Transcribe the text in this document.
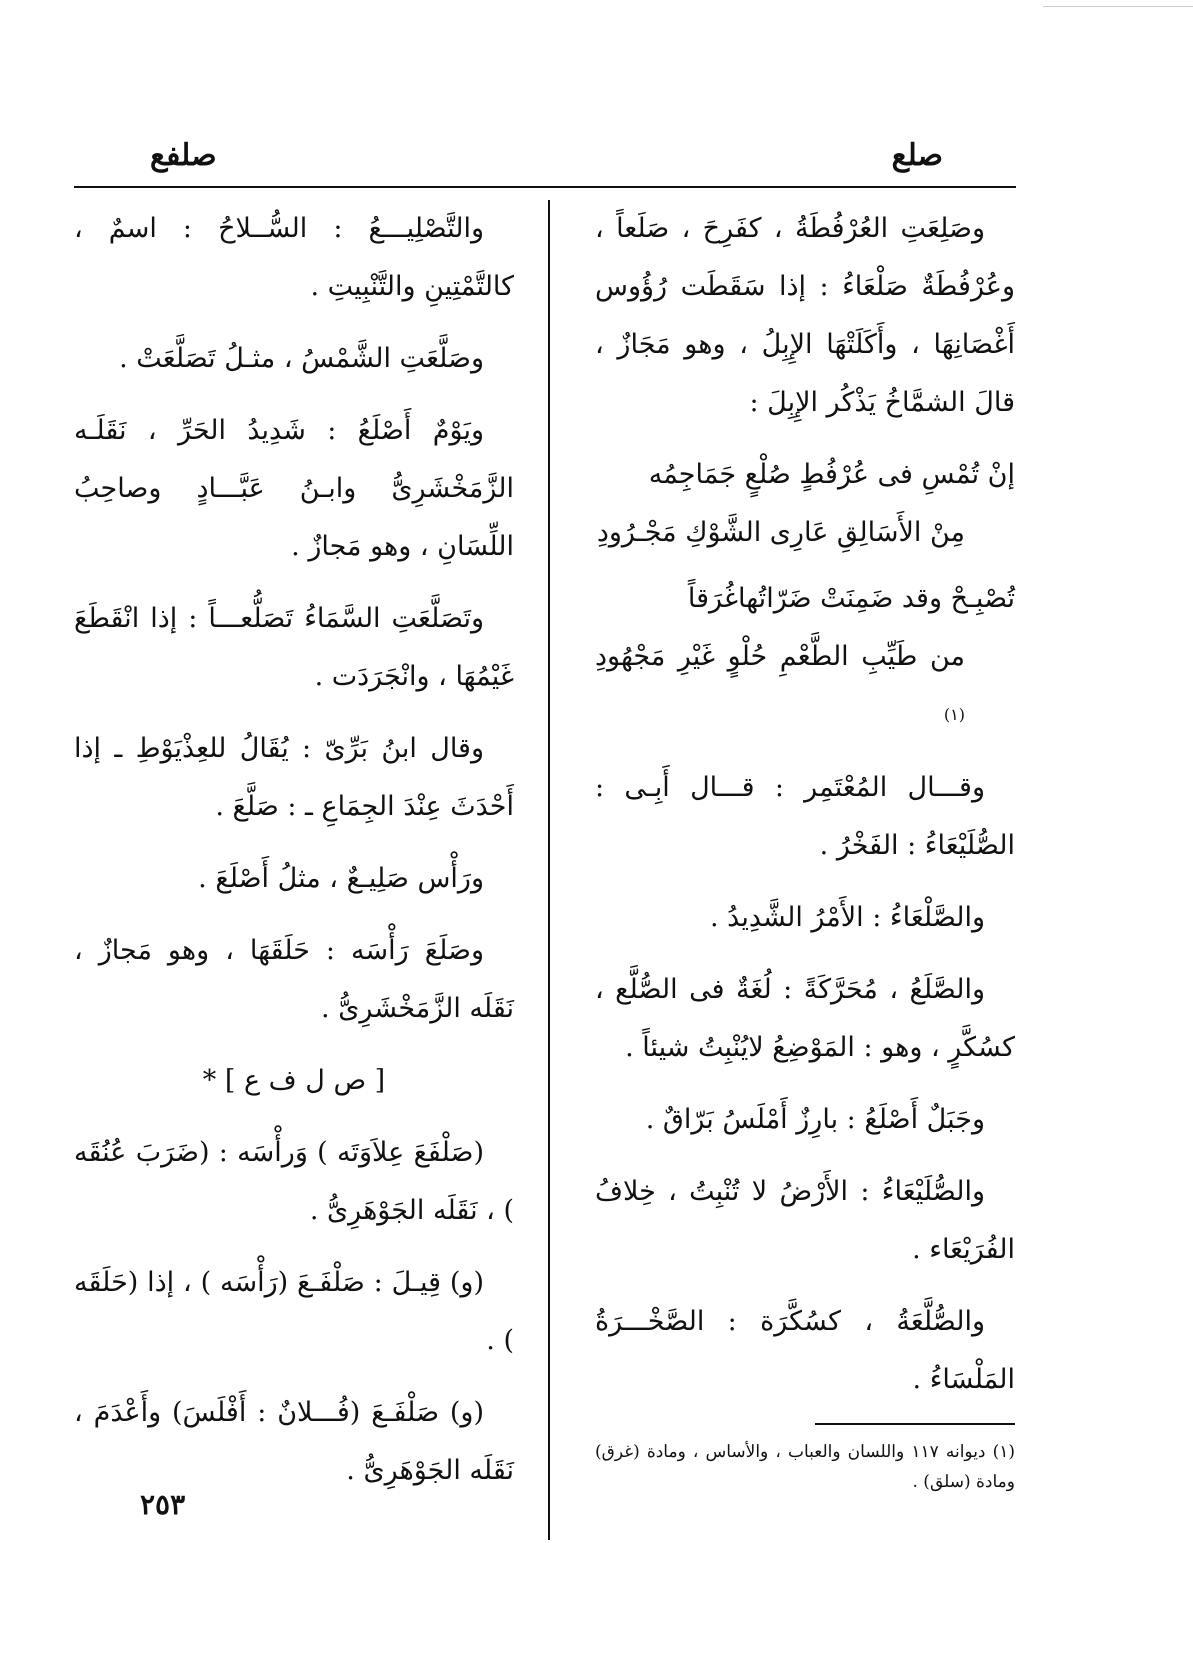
صلع
صلفع

وصَلِعَتِ العُرْفُطَةُ ، كفَرِحَ ، صَلَعاً ، وعُرْفُطَةٌ صَلْعَاءُ : إذا سَقَطَت رُؤُوس أَغْصَانِهَا ، وأَكَلَتْهَا الإِبِلُ ، وهو مَجَازٌ ، قالَ الشمَّاخُ يَذْكُر الإِبِلَ :

إنْ تُمْسِ فى عُرْفُطٍ صُلْعٍ جَمَاجِمُه
مِنْ الأَسَالِقِ عَارِى الشَّوْكِ مَجْـرُودِ
تُصْبِـحْ وقد ضَمِنَتْ ضَرّاتُهاغُرَقاً
من طَيِّبِ الطَّعْمِ حُلْوٍ غَيْرِ مَجْهُودِ $^{(١)}$

وقـــال المُعْتَمِر : قـــال أَبِـى : الصُّلَيْعَاءُ : الفَخْرُ .

والصَّلْعَاءُ : الأَمْرُ الشَّدِيدُ .

والصَّلَعُ ، مُحَرَّكَةً : لُغَةٌ فى الصُّلَّع ، كسُكَّرٍ ، وهو : المَوْضِعُ لايُنْبِتُ شيئاً .

وجَبَلٌ أَصْلَعُ : بارِزٌ أَمْلَسُ بَرّاقٌ .

والصُّلَيْعَاءُ : الأَرْضُ لا تُنْبِتُ ، خِلافُ الفُرَيْعَاء .

والصُّلَّعَةُ ، كسُكَّرَة : الصَّخْـــرَةُ المَلْسَاءُ .

(١) ديوانه ١١٧ واللسان والعباب ، والأساس ، ومادة (غرق) ومادة (سلق) .

والتَّصْلِيـــعُ : السُّــلاحُ : اسمٌ ، كالتَّمْتِينِ والتَّنْبِيتِ .

وصَلَّعَتِ الشَّمْسُ ، مثـلُ تَصَلَّعَتْ .

ويَوْمٌ أَصْلَعُ : شَدِيدُ الحَرِّ ، نَقَلَـه الزَّمَخْشَرِىُّ وابـنُ عَبَّـــادٍ وصاحِبُ اللِّسَانِ ، وهو مَجازٌ .

وتَصَلَّعَتِ السَّمَاءُ تَصَلُّعـــاً : إذا انْقَطَعَ غَيْمُهَا ، وانْجَرَدَت .

وقال ابنُ بَرِّىّ : يُقَالُ للعِذْيَوْطِ ـ إذا أَحْدَثَ عِنْدَ الجِمَاعِ ـ : صَلَّعَ .

ورَأْس صَلِيـعٌ ، مثلُ أَصْلَعَ .

وصَلَعَ رَأْسَه : حَلَقَهَا ، وهو مَجازٌ ، نَقَلَه الزَّمَخْشَرِىُّ .

[ ص ل ف ع ] *

(صَلْفَعَ عِلاَوَتَه ) وَرأْسَه : (ضَرَبَ عُنُقَه ) ، نَقَلَه الجَوْهَرِىُّ .

(و) قِيـلَ : صَلْفَـعَ (رَأْسَه ) ، إذا (حَلَقَه ) .

(و) صَلْفَـعَ (فُـــلانٌ : أَفْلَسَ) وأَعْدَمَ ، نَقَلَه الجَوْهَرِىُّ .

٢٥٣
